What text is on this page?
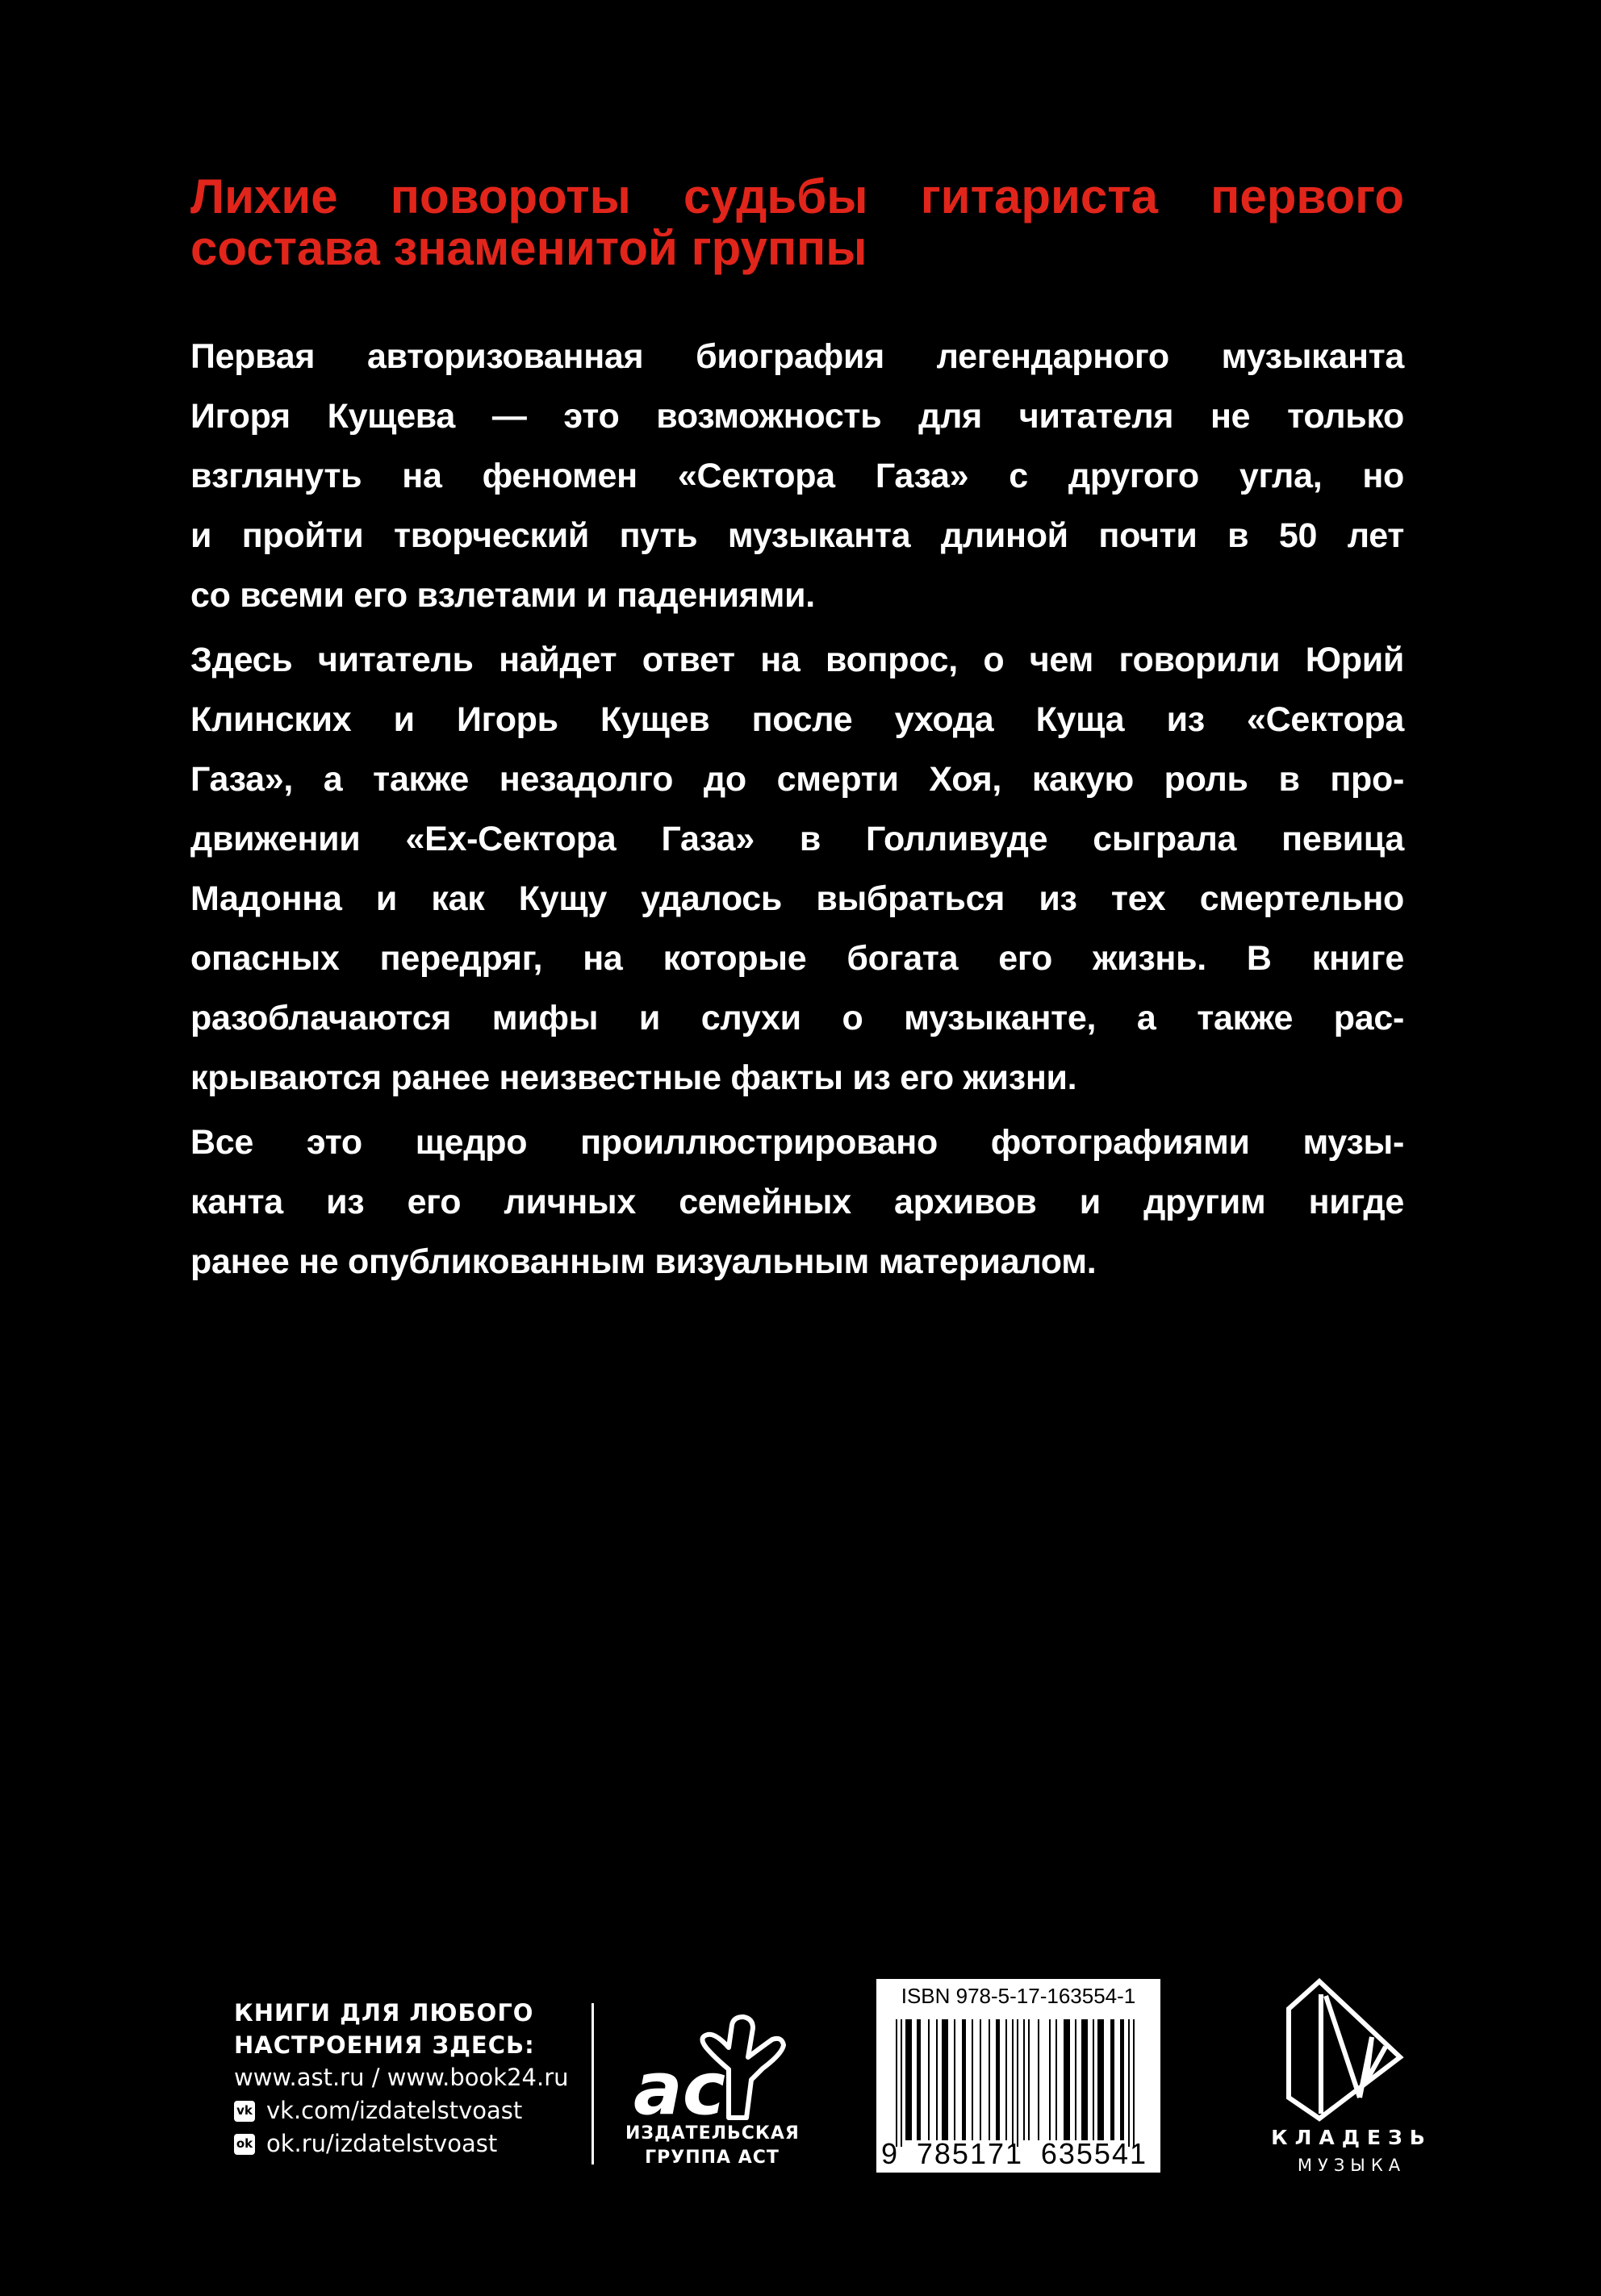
Лихие повороты судьбы гитариста первого
состава знаменитой группы
Первая авторизованная биография легендарного музыканта
Игоря Кущева — это возможность для читателя не только
взглянуть на феномен «Сектора Газа» с другого угла, но
и пройти творческий путь музыканта длиной почти в 50 лет
со всеми его взлетами и падениями.
Здесь читатель найдет ответ на вопрос, о чем говорили Юрий
Клинских и Игорь Кущев после ухода Куща из «Сектора
Газа», а также незадолго до смерти Хоя, какую роль в про-
движении «Ех-Сектора Газа» в Голливуде сыграла певица
Мадонна и как Кущу удалось выбраться из тех смертельно
опасных передряг, на которые богата его жизнь. В книге
разоблачаются мифы и слухи о музыканте, а также рас-
крываются ранее неизвестные факты из его жизни.
Все это щедро проиллюстрировано фотографиями музы-
канта из его личных семейных архивов и другим нигде
ранее не опубликованным визуальным материалом.
КНИГИ ДЛЯ ЛЮБОГО
НАСТРОЕНИЯ ЗДЕСЬ:
www.ast.ru / www.book24.ru
vk vk.com/izdatelstvoast
ok ok.ru/izdatelstvoast
ac
ИЗДАТЕЛЬСКАЯ
ГРУППА АСТ
ISBN 978-5-17-163554-1
9 785171 635541	КЛАДЕЗЬ
МУЗЫКА
